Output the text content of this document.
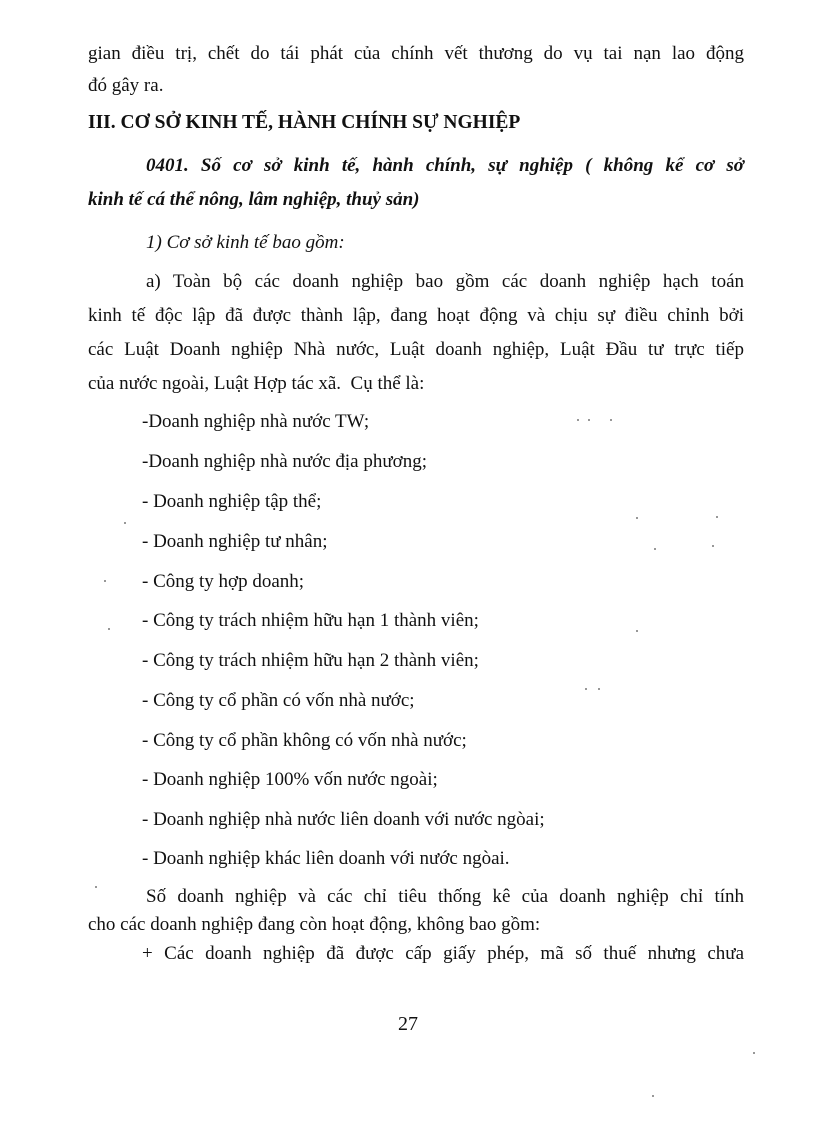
gian điều trị, chết do tái phát của chính vết thương do vụ tai nạn lao động
đó gây ra.
III. CƠ SỞ KINH TẾ, HÀNH CHÍNH SỰ NGHIỆP
0401. Số cơ sở kinh tế, hành chính, sự nghiệp ( không kể cơ sở
kinh tế cá thể nông, lâm nghiệp, thuỷ sản)
1) Cơ sở kinh tế bao gồm:
a) Toàn bộ các doanh nghiệp bao gồm các doanh nghiệp hạch toán
kinh tế độc lập đã được thành lập, đang hoạt động và chịu sự điều chỉnh bởi
các Luật Doanh nghiệp Nhà nước, Luật doanh nghiệp, Luật Đầu tư trực tiếp
của nước ngoài, Luật Hợp tác xã.  Cụ thể là:
-Doanh nghiệp nhà nước TW;
-Doanh nghiệp nhà nước địa phương;
- Doanh nghiệp tập thể;
- Doanh nghiệp tư nhân;
- Công ty hợp doanh;
- Công ty trách nhiệm hữu hạn 1 thành viên;
- Công ty trách nhiệm hữu hạn 2 thành viên;
- Công ty cổ phần có vốn nhà nước;
- Công ty cổ phần không có vốn nhà nước;
- Doanh nghiệp 100% vốn nước ngoài;
- Doanh nghiệp nhà nước liên doanh với nước ngòai;
- Doanh nghiệp khác liên doanh với nước ngòai.
Số doanh nghiệp và các chỉ tiêu thống kê của doanh nghiệp chỉ tính
cho các doanh nghiệp đang còn hoạt động, không bao gồm:
+ Các doanh nghiệp đã được cấp giấy phép, mã số thuế nhưng chưa
27
